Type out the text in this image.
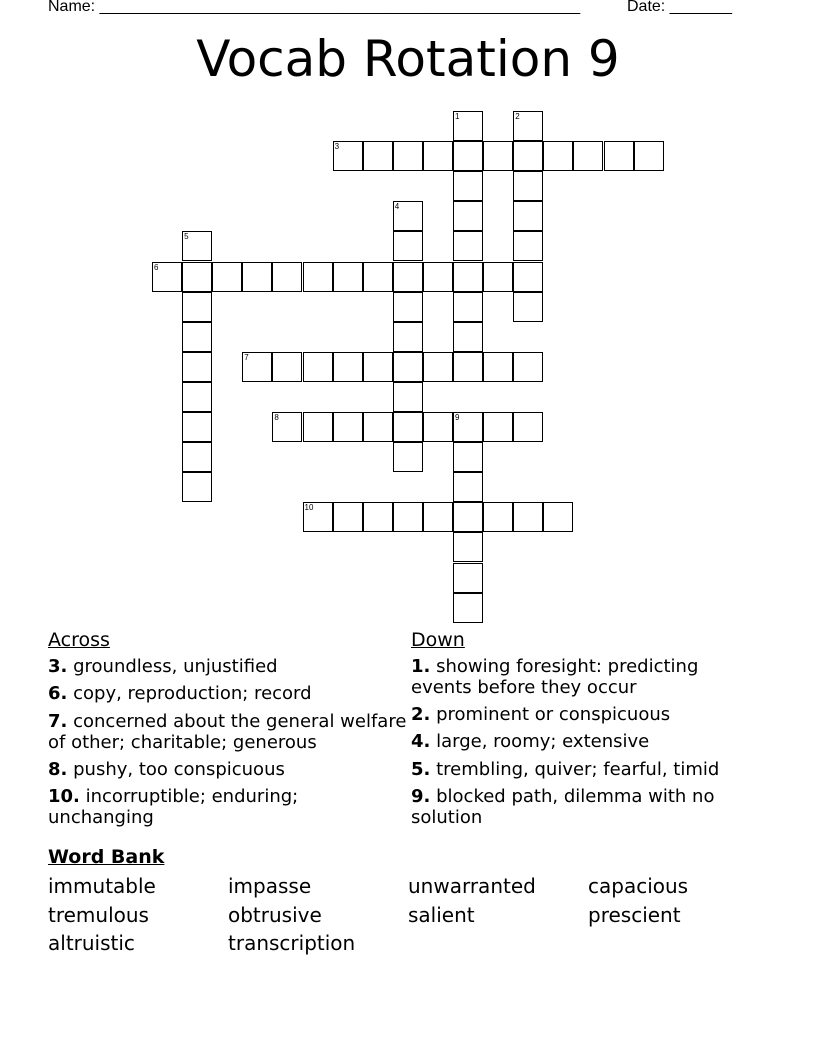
Name: ______________________________________________________	Date: _______
Vocab Rotation 9
3
6
7
8	9
10
1	2
4
5
Across
3. groundless, unjustified
6. copy, reproduction; record
7. concerned about the general welfare of other; charitable; generous
8. pushy, too conspicuous
10. incorruptible; enduring; unchanging
Down
1. showing foresight: predicting events before they occur
2. prominent or conspicuous
4. large, roomy; extensive
5. trembling, quiver; fearful, timid
9. blocked path, dilemma with no solution
Word Bank
immutable	impasse	unwarranted	capacious
tremulous	obtrusive	salient	prescient
altruistic	transcription
